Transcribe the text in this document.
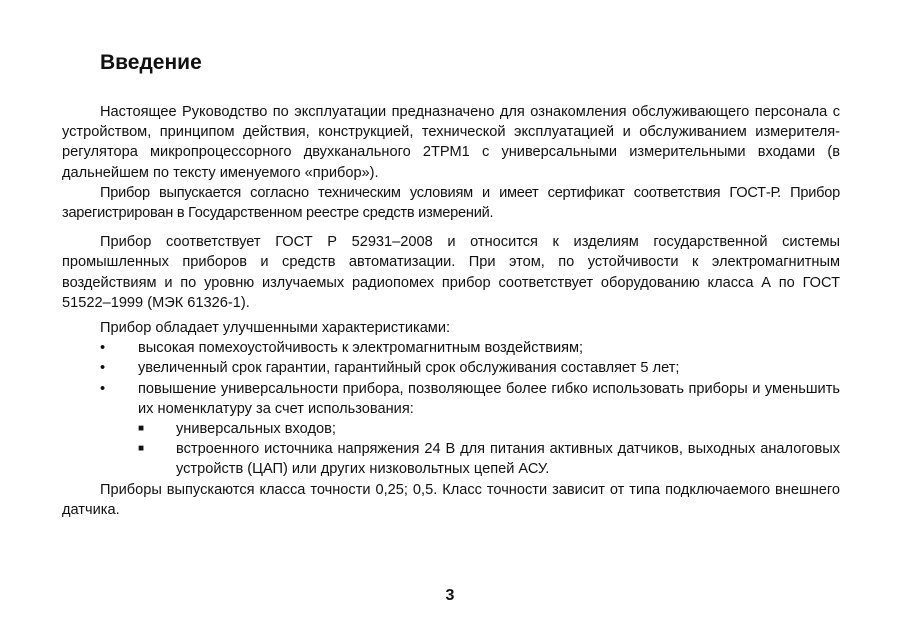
Введение

Настоящее Руководство по эксплуатации предназначено для ознакомления обслуживающего персонала с устройством, принципом действия, конструкцией, технической эксплуатацией и обслуживанием измерителя-регулятора микропроцессорного двухканального 2ТРМ1 с универсальными измерительными входами (в дальнейшем по тексту именуемого «прибор»).

Прибор выпускается согласно техническим условиям и имеет сертификат соответствия ГОСТ-Р. Прибор зарегистрирован в Государственном реестре средств измерений.

Прибор соответствует ГОСТ Р 52931–2008 и относится к изделиям государственной системы промышленных приборов и средств автоматизации. При этом, по устойчивости к электромагнитным воздействиям и по уровню излучаемых радиопомех прибор соответствует оборудованию класса А по ГОСТ 51522–1999 (МЭК 61326-1).

Прибор обладает улучшенными характеристиками:

•	высокая помехоустойчивость к электромагнитным воздействиям;
•	увеличенный срок гарантии, гарантийный срок обслуживания составляет 5 лет;
•	повышение универсальности прибора, позволяющее более гибко использовать приборы и уменьшить их номенклатуру за счет использования:
■	универсальных входов;
■	встроенного источника напряжения 24 В для питания активных датчиков, выходных аналоговых устройств (ЦАП) или других низковольтных цепей АСУ.

Приборы выпускаются класса точности 0,25; 0,5. Класс точности зависит от типа подключаемого внешнего датчика.

3
